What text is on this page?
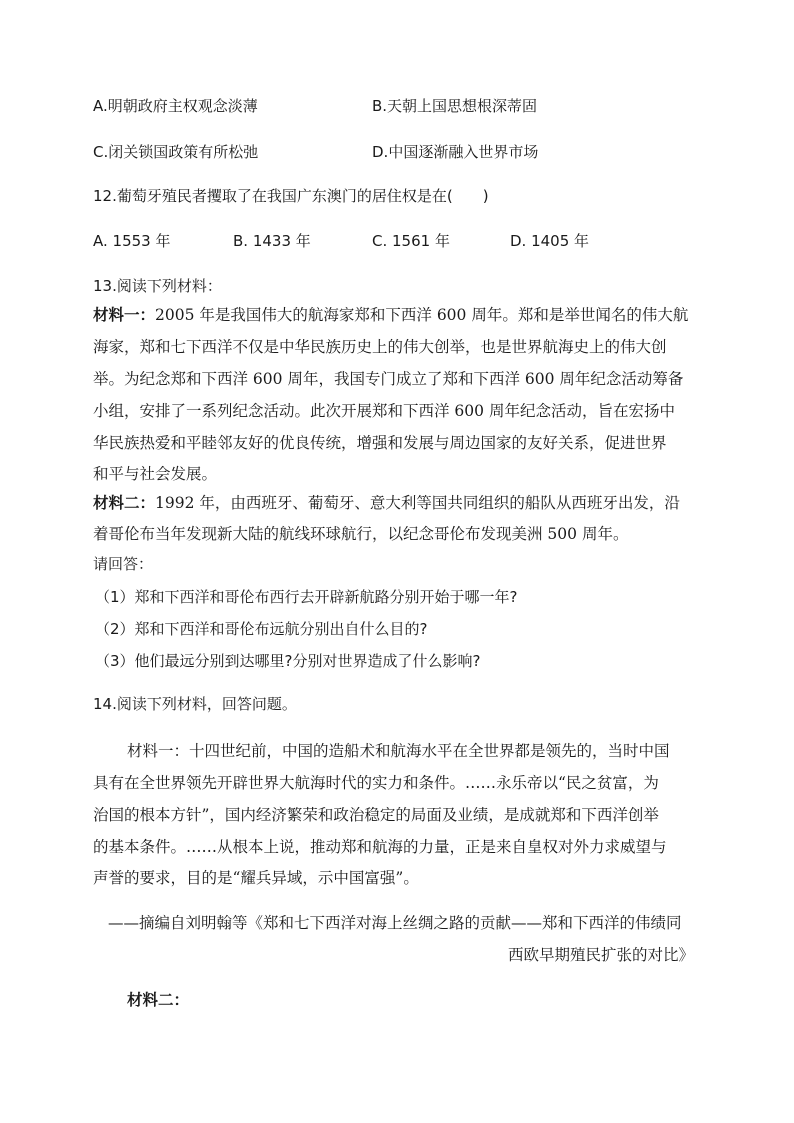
A.明朝政府主权观念淡薄	B.天朝上国思想根深蒂固
C.闭关锁国政策有所松弛	D.中国逐渐融入世界市场
12.葡萄牙殖民者攫取了在我国广东澳门的居住权是在(　　)
A. 1553 年	B. 1433 年	C. 1561 年	D. 1405 年
13.阅读下列材料：
材料一：2005 年是我国伟大的航海家郑和下西洋 600 周年。郑和是举世闻名的伟大航
海家，郑和七下西洋不仅是中华民族历史上的伟大创举，也是世界航海史上的伟大创
举。为纪念郑和下西洋 600 周年，我国专门成立了郑和下西洋 600 周年纪念活动筹备
小组，安排了一系列纪念活动。此次开展郑和下西洋 600 周年纪念活动，旨在宏扬中
华民族热爱和平睦邻友好的优良传统，增强和发展与周边国家的友好关系，促进世界
和平与社会发展。
材料二：1992 年，由西班牙、葡萄牙、意大利等国共同组织的船队从西班牙出发，沿
着哥伦布当年发现新大陆的航线环球航行，以纪念哥伦布发现美洲 500 周年。
请回答：
（1）郑和下西洋和哥伦布西行去开辟新航路分别开始于哪一年?
（2）郑和下西洋和哥伦布远航分别出自什么目的?
（3）他们最远分别到达哪里?分别对世界造成了什么影响?
14.阅读下列材料，回答问题。
材料一：十四世纪前，中国的造船术和航海水平在全世界都是领先的，当时中国
具有在全世界领先开辟世界大航海时代的实力和条件。……永乐帝以“民之贫富，为
治国的根本方针”，国内经济繁荣和政治稳定的局面及业绩，是成就郑和下西洋创举
的基本条件。……从根本上说，推动郑和航海的力量，正是来自皇权对外力求威望与
声誉的要求，目的是“耀兵异域，示中国富强”。
——摘编自刘明翰等《郑和七下西洋对海上丝绸之路的贡献——郑和下西洋的伟绩同
西欧早期殖民扩张的对比》
材料二：
